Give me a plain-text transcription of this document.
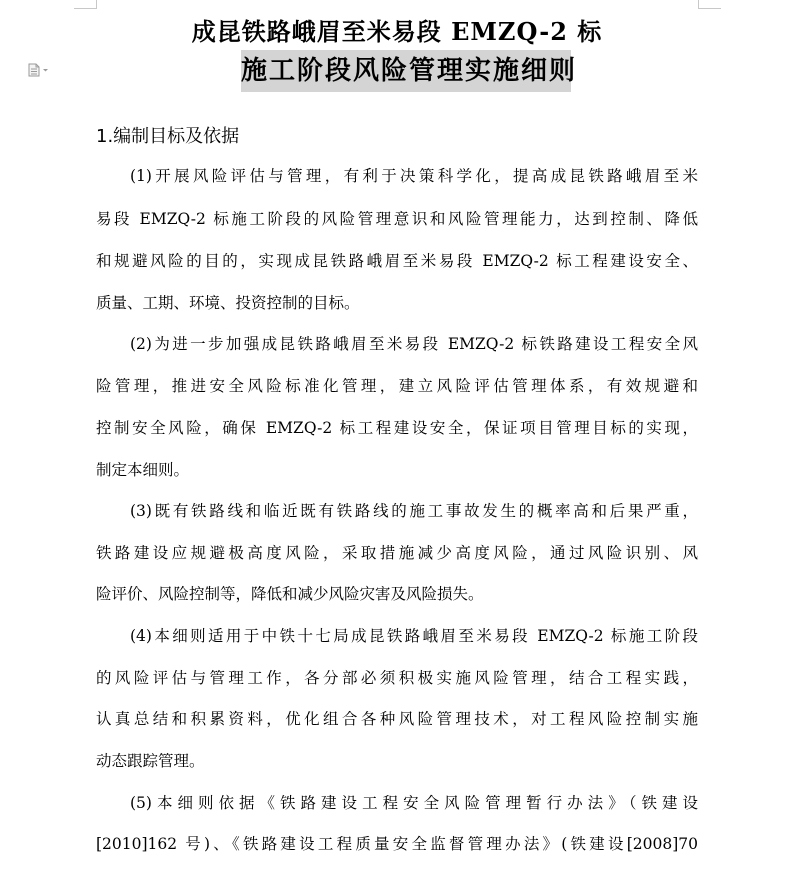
成昆铁路峨眉至米易段 EMZQ-2 标
施工阶段风险管理实施细则
1.编制目标及依据
(1)开展风险评估与管理，有利于决策科学化，提高成昆铁路峨眉至米
易段 EMZQ-2 标施工阶段的风险管理意识和风险管理能力，达到控制、降低
和规避风险的目的，实现成昆铁路峨眉至米易段 EMZQ-2 标工程建设安全、
质量、工期、环境、投资控制的目标。
(2)为进一步加强成昆铁路峨眉至米易段 EMZQ-2 标铁路建设工程安全风
险管理，推进安全风险标准化管理，建立风险评估管理体系，有效规避和
控制安全风险，确保 EMZQ-2 标工程建设安全，保证项目管理目标的实现，
制定本细则。
(3)既有铁路线和临近既有铁路线的施工事故发生的概率高和后果严重，
铁路建设应规避极高度风险，采取措施减少高度风险，通过风险识别、风
险评价、风险控制等，降低和减少风险灾害及风险损失。
(4)本细则适用于中铁十七局成昆铁路峨眉至米易段 EMZQ-2 标施工阶段
的风险评估与管理工作，各分部必须积极实施风险管理，结合工程实践，
认真总结和积累资料，优化组合各种风险管理技术，对工程风险控制实施
动态跟踪管理。
(5)本细则依据《铁路建设工程安全风险管理暂行办法》（铁建设
[2010]162 号)、《铁路建设工程质量安全监督管理办法》(铁建设[2008]70
